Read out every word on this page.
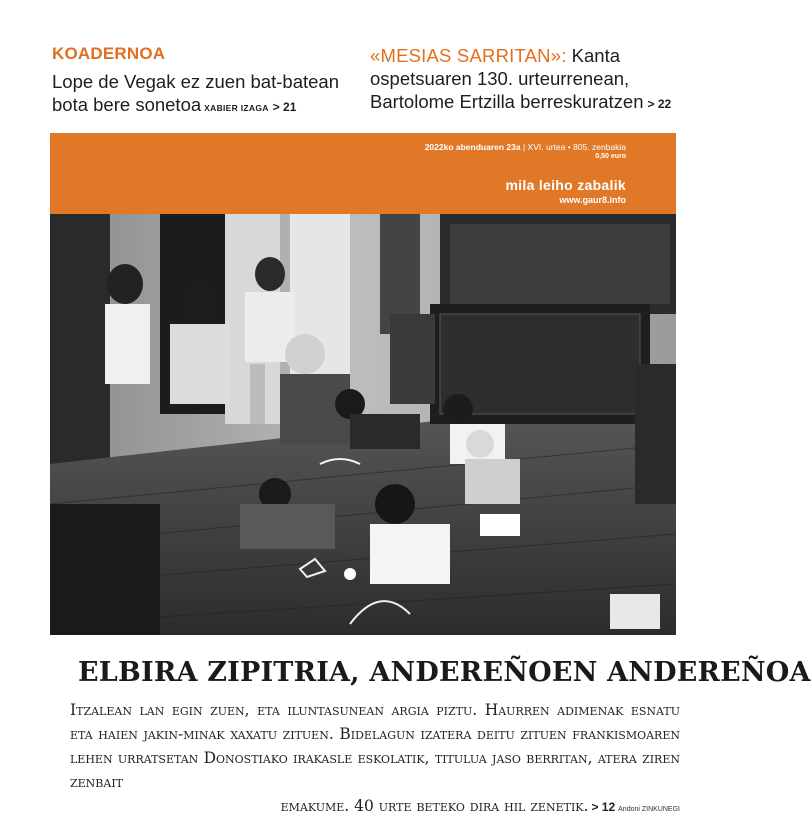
KOADERNOA
Lope de Vegak ez zuen bat-batean bota bere sonetoa XABIER IZAGA > 21
«MESIAS SARRITAN»: Kanta ospetsuaren 130. urteurrenean, Bartolome Ertzilla berreskuratzen > 22
2022ko abenduaren 23a | XVI. urtea • 805. zenbakia
0,50 euro
mila leiho zabalik
www.gaur8.info
ELBIRA ZIPITRIA, ANDEREÑOEN ANDEREÑOA
Itzalean lan egin zuen, eta iluntasunean argia piztu. Haurren adimenak esnatu eta haien jakin-minak xaxatu zituen. Bidelagun izatera deitu zituen frankismoaren lehen urratsetan Donostiako irakasle eskolatik, titulua jaso berritan, atera ziren zenbait
emakume. 40 urte beteko dira hil zenetik. > 12 Andoni ZINKUNEGI
